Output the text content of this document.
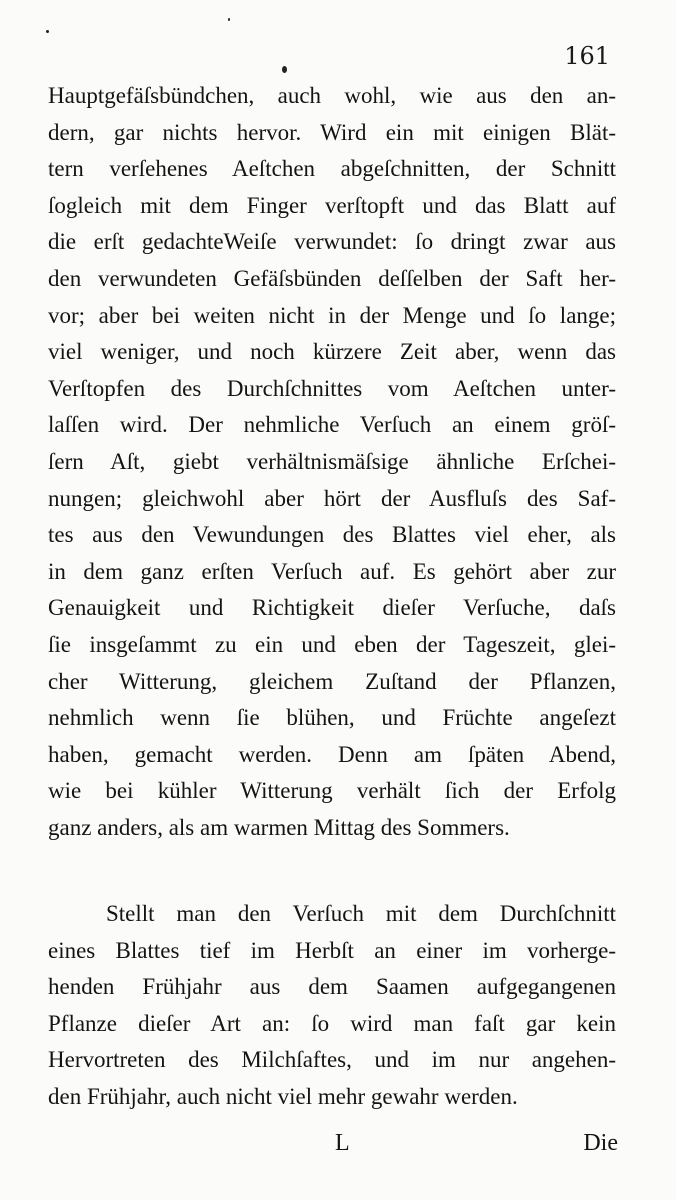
161
Hauptgefäſsbündchen, auch wohl, wie aus den an-
dern, gar nichts hervor. Wird ein mit einigen Blät-
tern verſehenes Aeſtchen abgeſchnitten, der Schnitt
ſogleich mit dem Finger verſtopft und das Blatt auf
die erſt gedachteWeiſe verwundet: ſo dringt zwar aus
den verwundeten Gefäſsbünden deſſelben der Saft her-
vor; aber bei weiten nicht in der Menge und ſo lange;
viel weniger, und noch kürzere Zeit aber, wenn das
Verſtopfen des Durchſchnittes vom Aeſtchen unter-
laſſen wird. Der nehmliche Verſuch an einem gröſ-
ſern Aſt, giebt verhältnismäſsige ähnliche Erſchei-
nungen; gleichwohl aber hört der Ausfluſs des Saf-
tes aus den Vewundungen des Blattes viel eher, als
in dem ganz erſten Verſuch auf. Es gehört aber zur
Genauigkeit und Richtigkeit dieſer Verſuche, daſs
ſie insgeſammt zu ein und eben der Tageszeit, glei-
cher Witterung, gleichem Zuſtand der Pflanzen,
nehmlich wenn ſie blühen, und Früchte angeſezt
haben, gemacht werden. Denn am ſpäten Abend,
wie bei kühler Witterung verhält ſich der Erfolg
ganz anders, als am warmen Mittag des Sommers.
Stellt man den Verſuch mit dem Durchſchnitt
eines Blattes tief im Herbſt an einer im vorherge-
henden Frühjahr aus dem Saamen aufgegangenen
Pflanze dieſer Art an: ſo wird man faſt gar kein
Hervortreten des Milchſaftes, und im nur angehen-
den Frühjahr, auch nicht viel mehr gewahr werden.
L	Die
